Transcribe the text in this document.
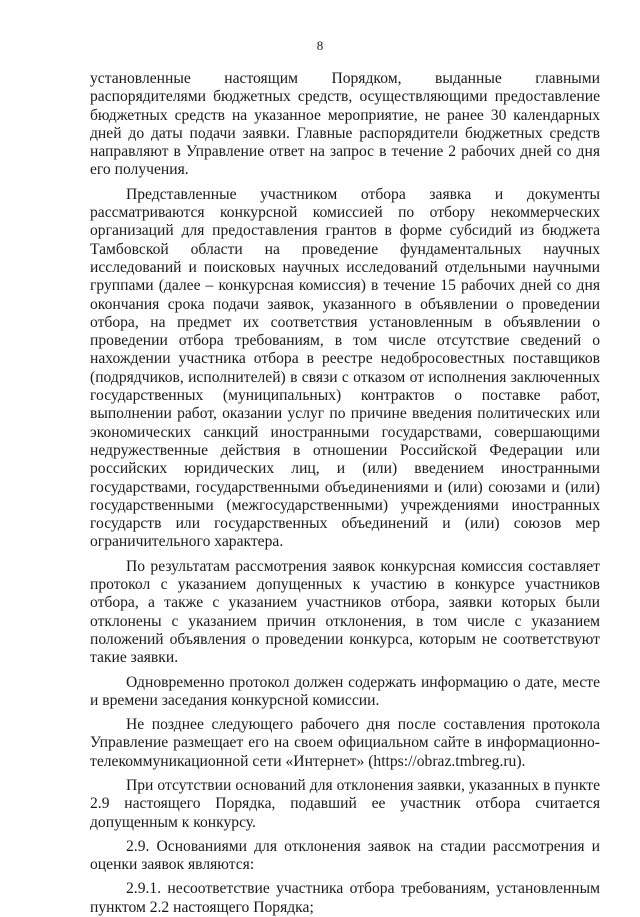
8

установленные настоящим Порядком, выданные главными распорядителями бюджетных средств, осуществляющими предоставление бюджетных средств на указанное мероприятие, не ранее 30 календарных дней до даты подачи заявки. Главные распорядители бюджетных средств направляют в Управление ответ на запрос в течение 2 рабочих дней со дня его получения.

Представленные участником отбора заявка и документы рассматриваются конкурсной комиссией по отбору некоммерческих организаций для предоставления грантов в форме субсидий из бюджета Тамбовской области на проведение фундаментальных научных исследований и поисковых научных исследований отдельными научными группами (далее – конкурсная комиссия) в течение 15 рабочих дней со дня окончания срока подачи заявок, указанного в объявлении о проведении отбора, на предмет их соответствия установленным в объявлении о проведении отбора требованиям, в том числе отсутствие сведений о нахождении участника отбора в реестре недобросовестных поставщиков (подрядчиков, исполнителей) в связи с отказом от исполнения заключенных государственных (муниципальных) контрактов о поставке работ, выполнении работ, оказании услуг по причине введения политических или экономических санкций иностранными государствами, совершающими недружественные действия в отношении Российской Федерации или российских юридических лиц, и (или) введением иностранными государствами, государственными объединениями и (или) союзами и (или) государственными (межгосударственными) учреждениями иностранных государств или государственных объединений и (или) союзов мер ограничительного характера.

По результатам рассмотрения заявок конкурсная комиссия составляет протокол с указанием допущенных к участию в конкурсе участников отбора, а также с указанием участников отбора, заявки которых были отклонены с указанием причин отклонения, в том числе с указанием положений объявления о проведении конкурса, которым не соответствуют такие заявки.

Одновременно протокол должен содержать информацию о дате, месте и времени заседания конкурсной комиссии.

Не позднее следующего рабочего дня после составления протокола Управление размещает его на своем официальном сайте в информационно-телекоммуникационной сети «Интернет» (https://obraz.tmbreg.ru).

При отсутствии оснований для отклонения заявки, указанных в пункте 2.9 настоящего Порядка, подавший ее участник отбора считается допущенным к конкурсу.

2.9. Основаниями для отклонения заявок на стадии рассмотрения и оценки заявок являются:

2.9.1. несоответствие участника отбора требованиям, установленным пунктом 2.2 настоящего Порядка;
